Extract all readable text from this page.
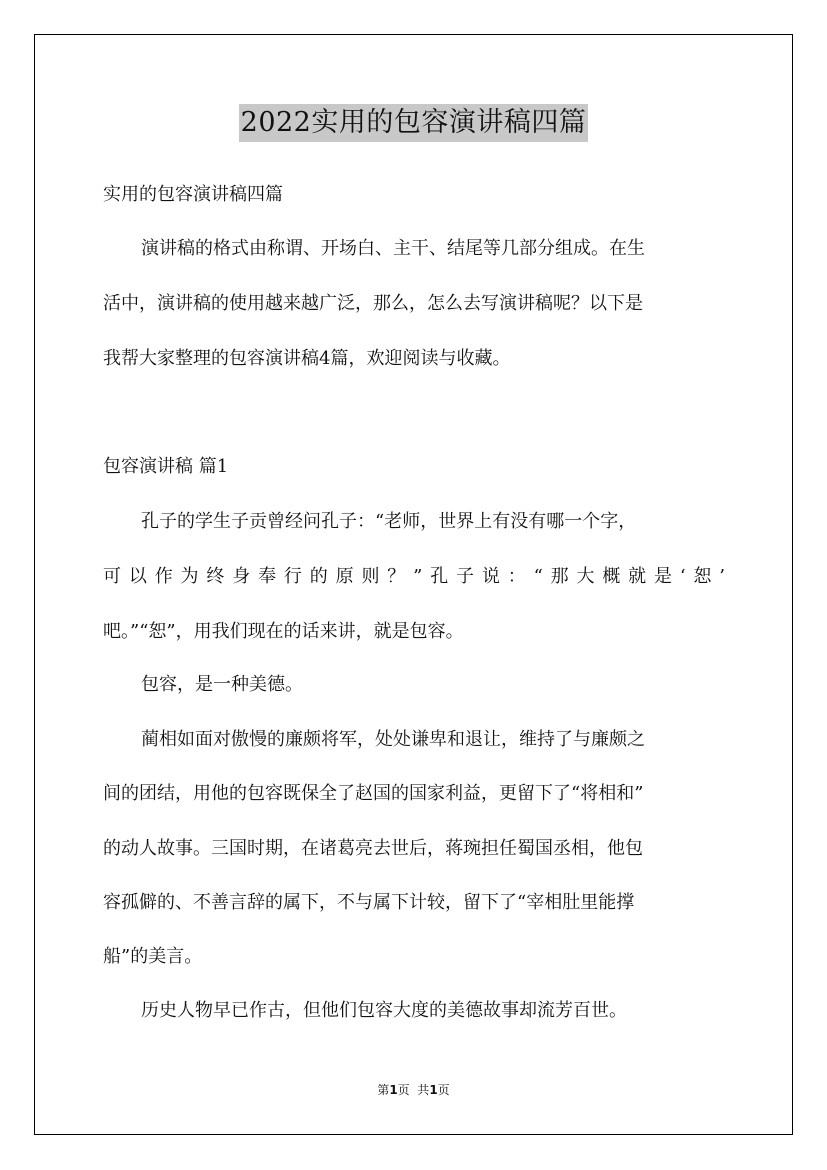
2022实用的包容演讲稿四篇
实用的包容演讲稿四篇
演讲稿的格式由称谓、开场白、主干、结尾等几部分组成。在生
活中，演讲稿的使用越来越广泛，那么，怎么去写演讲稿呢？以下是
我帮大家整理的包容演讲稿4篇，欢迎阅读与收藏。
包容演讲稿 篇1
孔子的学生子贡曾经问孔子：“老师，世界上有没有哪一个字，
可以作为终身奉行的原则？”孔子说：“那大概就是‘恕’
吧。”“恕”，用我们现在的话来讲，就是包容。
包容，是一种美德。
蔺相如面对傲慢的廉颇将军，处处谦卑和退让，维持了与廉颇之
间的团结，用他的包容既保全了赵国的国家利益，更留下了“将相和”
的动人故事。三国时期，在诸葛亮去世后，蒋琬担任蜀国丞相，他包
容孤僻的、不善言辞的属下，不与属下计较，留下了“宰相肚里能撑
船”的美言。
历史人物早已作古，但他们包容大度的美德故事却流芳百世。
第1页  共1页
